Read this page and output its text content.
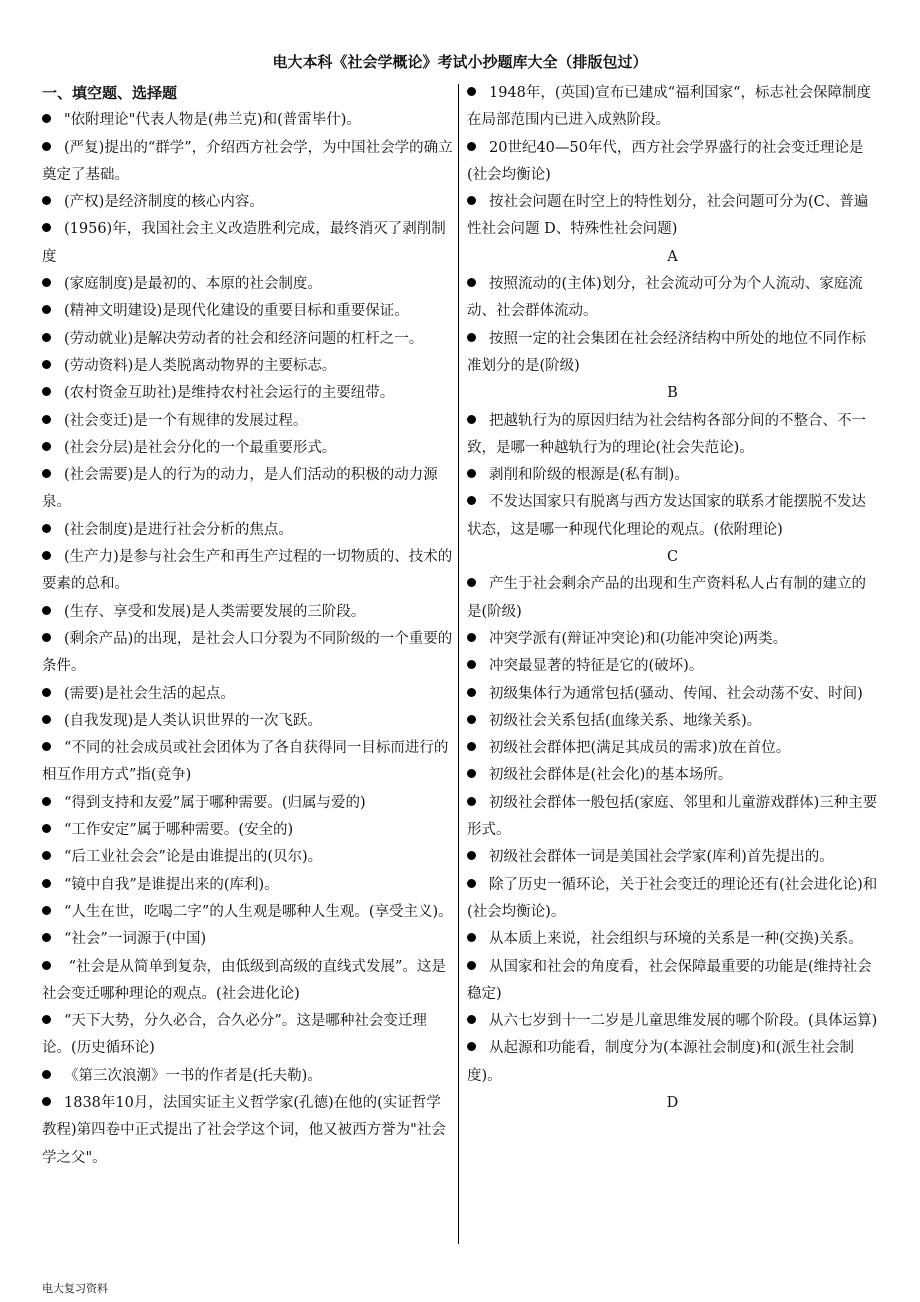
电大本科《社会学概论》考试小抄题库大全（排版包过）
一、填空题、选择题
"依附理论"代表人物是(弗兰克)和(普雷毕什)。
(严复)提出的“群学”，介绍西方社会学，为中国社会学的确立奠定了基础。
(产权)是经济制度的核心内容。
(1956)年，我国社会主义改造胜利完成，最终消灭了剥削制度
(家庭制度)是最初的、本原的社会制度。
(精神文明建设)是现代化建设的重要目标和重要保证。
(劳动就业)是解决劳动者的社会和经济问题的杠杆之一。
(劳动资料)是人类脱离动物界的主要标志。
(农村资金互助社)是维持农村社会运行的主要纽带。
(社会变迁)是一个有规律的发展过程。
(社会分层)是社会分化的一个最重要形式。
(社会需要)是人的行为的动力，是人们活动的积极的动力源泉。
(社会制度)是进行社会分析的焦点。
(生产力)是参与社会生产和再生产过程的一切物质的、技术的要素的总和。
(生存、享受和发展)是人类需要发展的三阶段。
(剩余产品)的出现，是社会人口分裂为不同阶级的一个重要的条件。
(需要)是社会生活的起点。
(自我发现)是人类认识世界的一次飞跃。
“不同的社会成员或社会团体为了各自获得同一目标而进行的相互作用方式”指(竞争)
“得到支持和友爱”属于哪种需要。(归属与爱的)
“工作安定”属于哪种需要。(安全的)
“后工业社会会”论是由谁提出的(贝尔)。
“镜中自我”是谁提出来的(库利)。
“人生在世，吃喝二字”的人生观是哪种人生观。(享受主义)。
“社会”一词源于(中国)
“社会是从简单到复杂，由低级到高级的直线式发展”。这是社会变迁哪种理论的观点。(社会进化论)
“天下大势，分久必合，合久必分”。这是哪种社会变迁理论。(历史循环论)
《第三次浪潮》一书的作者是(托夫勒)。
1838年10月，法国实证主义哲学家(孔德)在他的(实证哲学教程)第四卷中正式提出了社会学这个词，他又被西方誉为"社会学之父"。
1948年，(英国)宣布已建成“福利国家“，标志社会保障制度在局部范围内已进入成熟阶段。
20世纪40—50年代，西方社会学界盛行的社会变迁理论是(社会均衡论)
按社会问题在时空上的特性划分，社会问题可分为(C、普遍性社会问题 D、特殊性社会问题)
A
按照流动的(主体)划分，社会流动可分为个人流动、家庭流动、社会群体流动。
按照一定的社会集团在社会经济结构中所处的地位不同作标准划分的是(阶级)
B
把越轨行为的原因归结为社会结构各部分间的不整合、不一致，是哪一种越轨行为的理论(社会失范论)。
剥削和阶级的根源是(私有制)。
不发达国家只有脱离与西方发达国家的联系才能摆脱不发达状态，这是哪一种现代化理论的观点。(依附理论)
C
产生于社会剩余产品的出现和生产资料私人占有制的建立的是(阶级)
冲突学派有(辩证冲突论)和(功能冲突论)两类。
冲突最显著的特征是它的(破坏)。
初级集体行为通常包括(骚动、传闻、社会动荡不安、时间)
初级社会关系包括(血缘关系、地缘关系)。
初级社会群体把(满足其成员的需求)放在首位。
初级社会群体是(社会化)的基本场所。
初级社会群体一般包括(家庭、邻里和儿童游戏群体)三种主要形式。
初级社会群体一词是美国社会学家(库利)首先提出的。
除了历史一循环论，关于社会变迁的理论还有(社会进化论)和(社会均衡论)。
从本质上来说，社会组织与环境的关系是一种(交换)关系。
从国家和社会的角度看，社会保障最重要的功能是(维持社会稳定)
从六七岁到十一二岁是儿童思维发展的哪个阶段。(具体运算)
从起源和功能看，制度分为(本源社会制度)和(派生社会制度)。
D
电大复习资料
